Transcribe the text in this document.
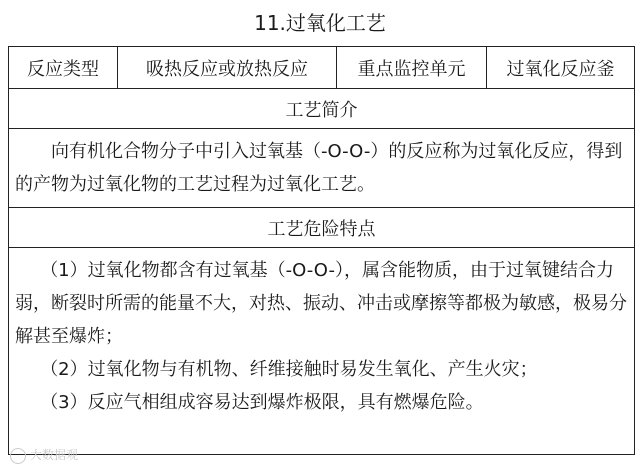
11.过氧化工艺
反应类型	吸热反应或放热反应	重点监控单元	过氧化反应釜
工艺简介

向有机化合物分子中引入过氧基（-O-O-）的反应称为过氧化反应，得到的产物为过氧化物的工艺过程为过氧化工艺。

工艺危险特点

（1）过氧化物都含有过氧基（-O-O-），属含能物质，由于过氧键结合力弱，断裂时所需的能量不大，对热、振动、冲击或摩擦等都极为敏感，极易分解甚至爆炸；

（2）过氧化物与有机物、纤维接触时易发生氧化、产生火灾；

（3）反应气相组成容易达到爆炸极限，具有燃爆危险。

大数据观
